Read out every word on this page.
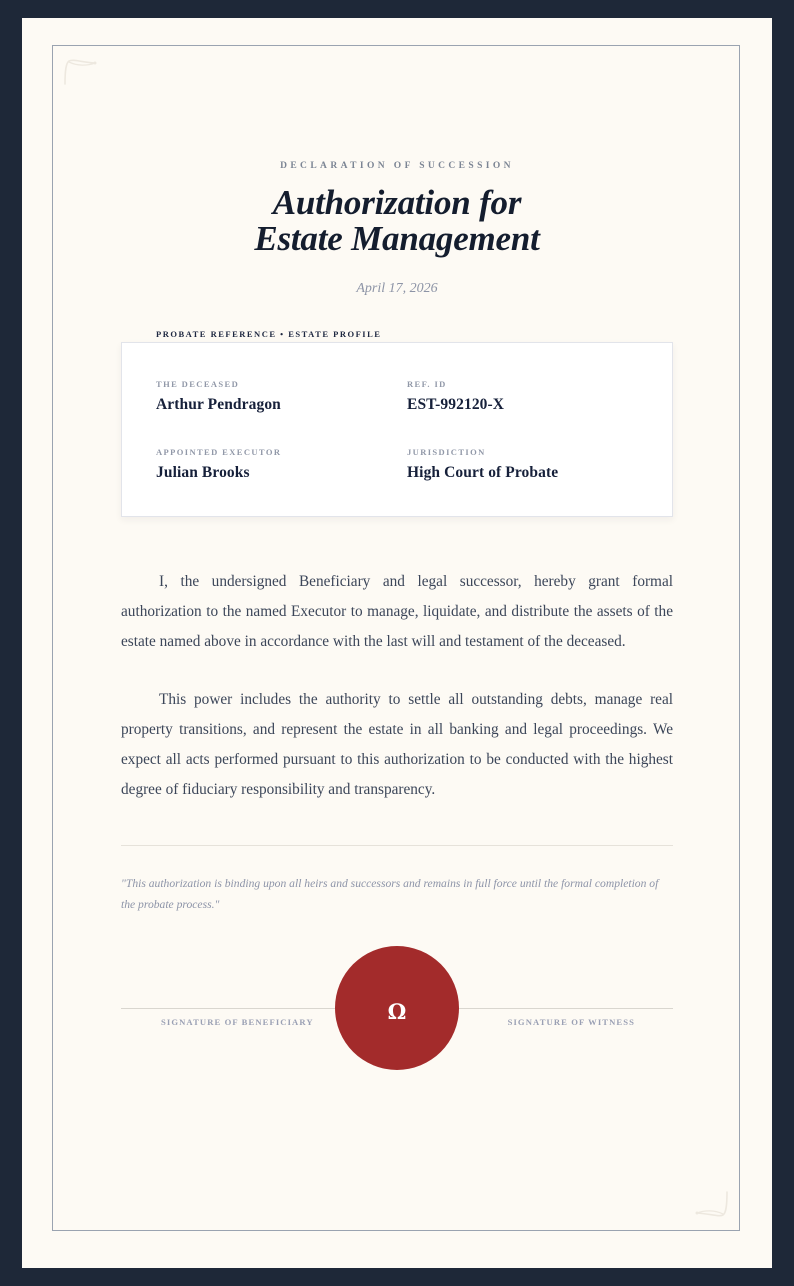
DECLARATION OF SUCCESSION
Authorization for
Estate Management
April 17, 2026
PROBATE REFERENCE • ESTATE PROFILE
THE DECEASED
Arthur Pendragon
REF. ID
EST-992120-X
APPOINTED EXECUTOR
Julian Brooks
JURISDICTION
High Court of Probate

I, the undersigned Beneficiary and legal successor, hereby grant formal authorization to the named Executor to manage, liquidate, and distribute the assets of the estate named above in accordance with the last will and testament of the deceased.

This power includes the authority to settle all outstanding debts, manage real property transitions, and represent the estate in all banking and legal proceedings. We expect all acts performed pursuant to this authorization to be conducted with the highest degree of fiduciary responsibility and transparency.

"This authorization is binding upon all heirs and successors and remains in full force until the formal completion of the probate process."
SIGNATURE OF BENEFICIARY	SIGNATURE OF WITNESS
Ω
